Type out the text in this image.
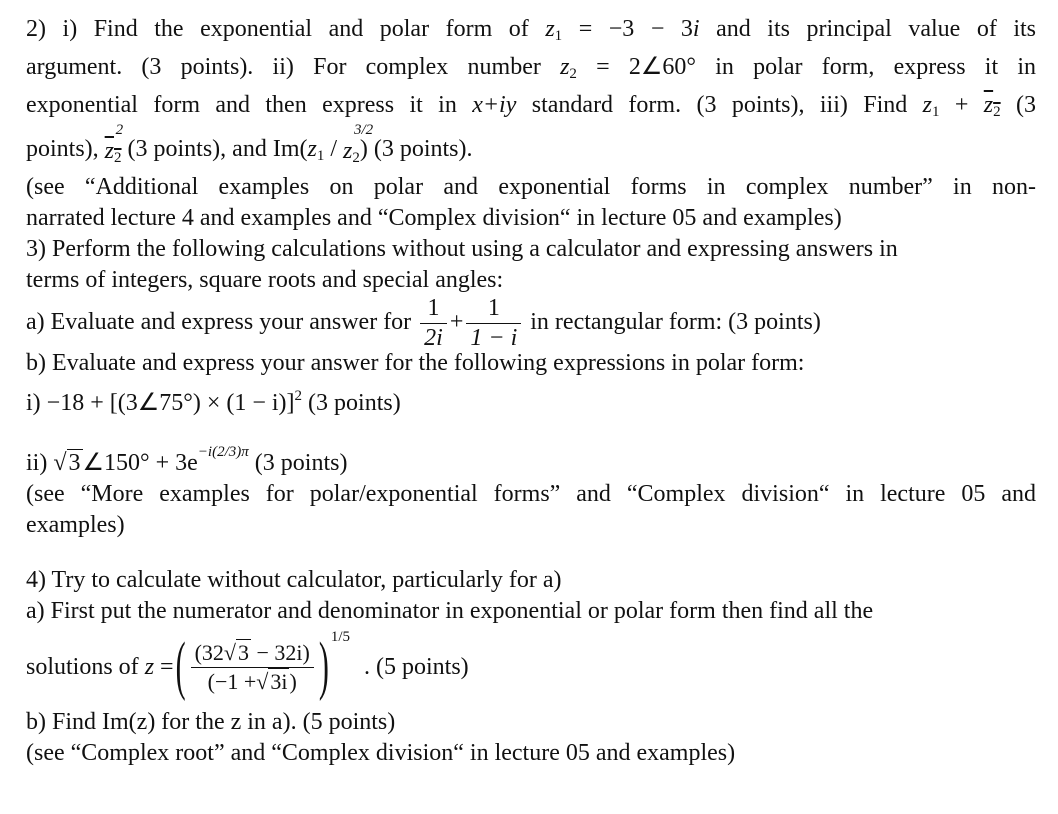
2) i) Find the exponential and polar form of $z_1 = -3 - 3i$ and its principal value of its
argument. (3 points). ii) For complex number $z_2$ = 2∠60° in polar form, express it in
exponential form and then express it in x+iy standard form. (3 points), iii) Find $z_1 + z_2$ (3
points), $z_2$
2
(3 points), and $Im(z_1 / z_2$
3/2
) (3 points).
(see “Additional examples on polar and exponential forms in complex number” in non-
narrated lecture 4 and examples and “Complex division“ in lecture 05 and examples)
3) Perform the following calculations without using a calculator and expressing answers in
terms of integers, square roots and special angles:
a) Evaluate and express your answer for $\frac{1}{2i} + \frac{1}{1 - i}$ in rectangular form: (3 points)
b) Evaluate and express your answer for the following expressions in polar form:
i) −18 + [(3∠75°) × (1 − i)]$^2$ (3 points)
ii) √3∠150° + $3e^{-i(2/3)\pi}$ (3 points)
(see “More examples for polar/exponential forms” and “Complex division“ in lecture 05 and
examples)
4) Try to calculate without calculator, particularly for a)
a) First put the numerator and denominator in exponential or polar form then find all the
solutions of
z
= ( $\frac{(32√3 - 32i)}{(-1 +√3i)}$ ) 1/5
. (5 points)
b) Find Im(z) for the z in a). (5 points)
(see “Complex root” and “Complex division“ in lecture 05 and examples)
